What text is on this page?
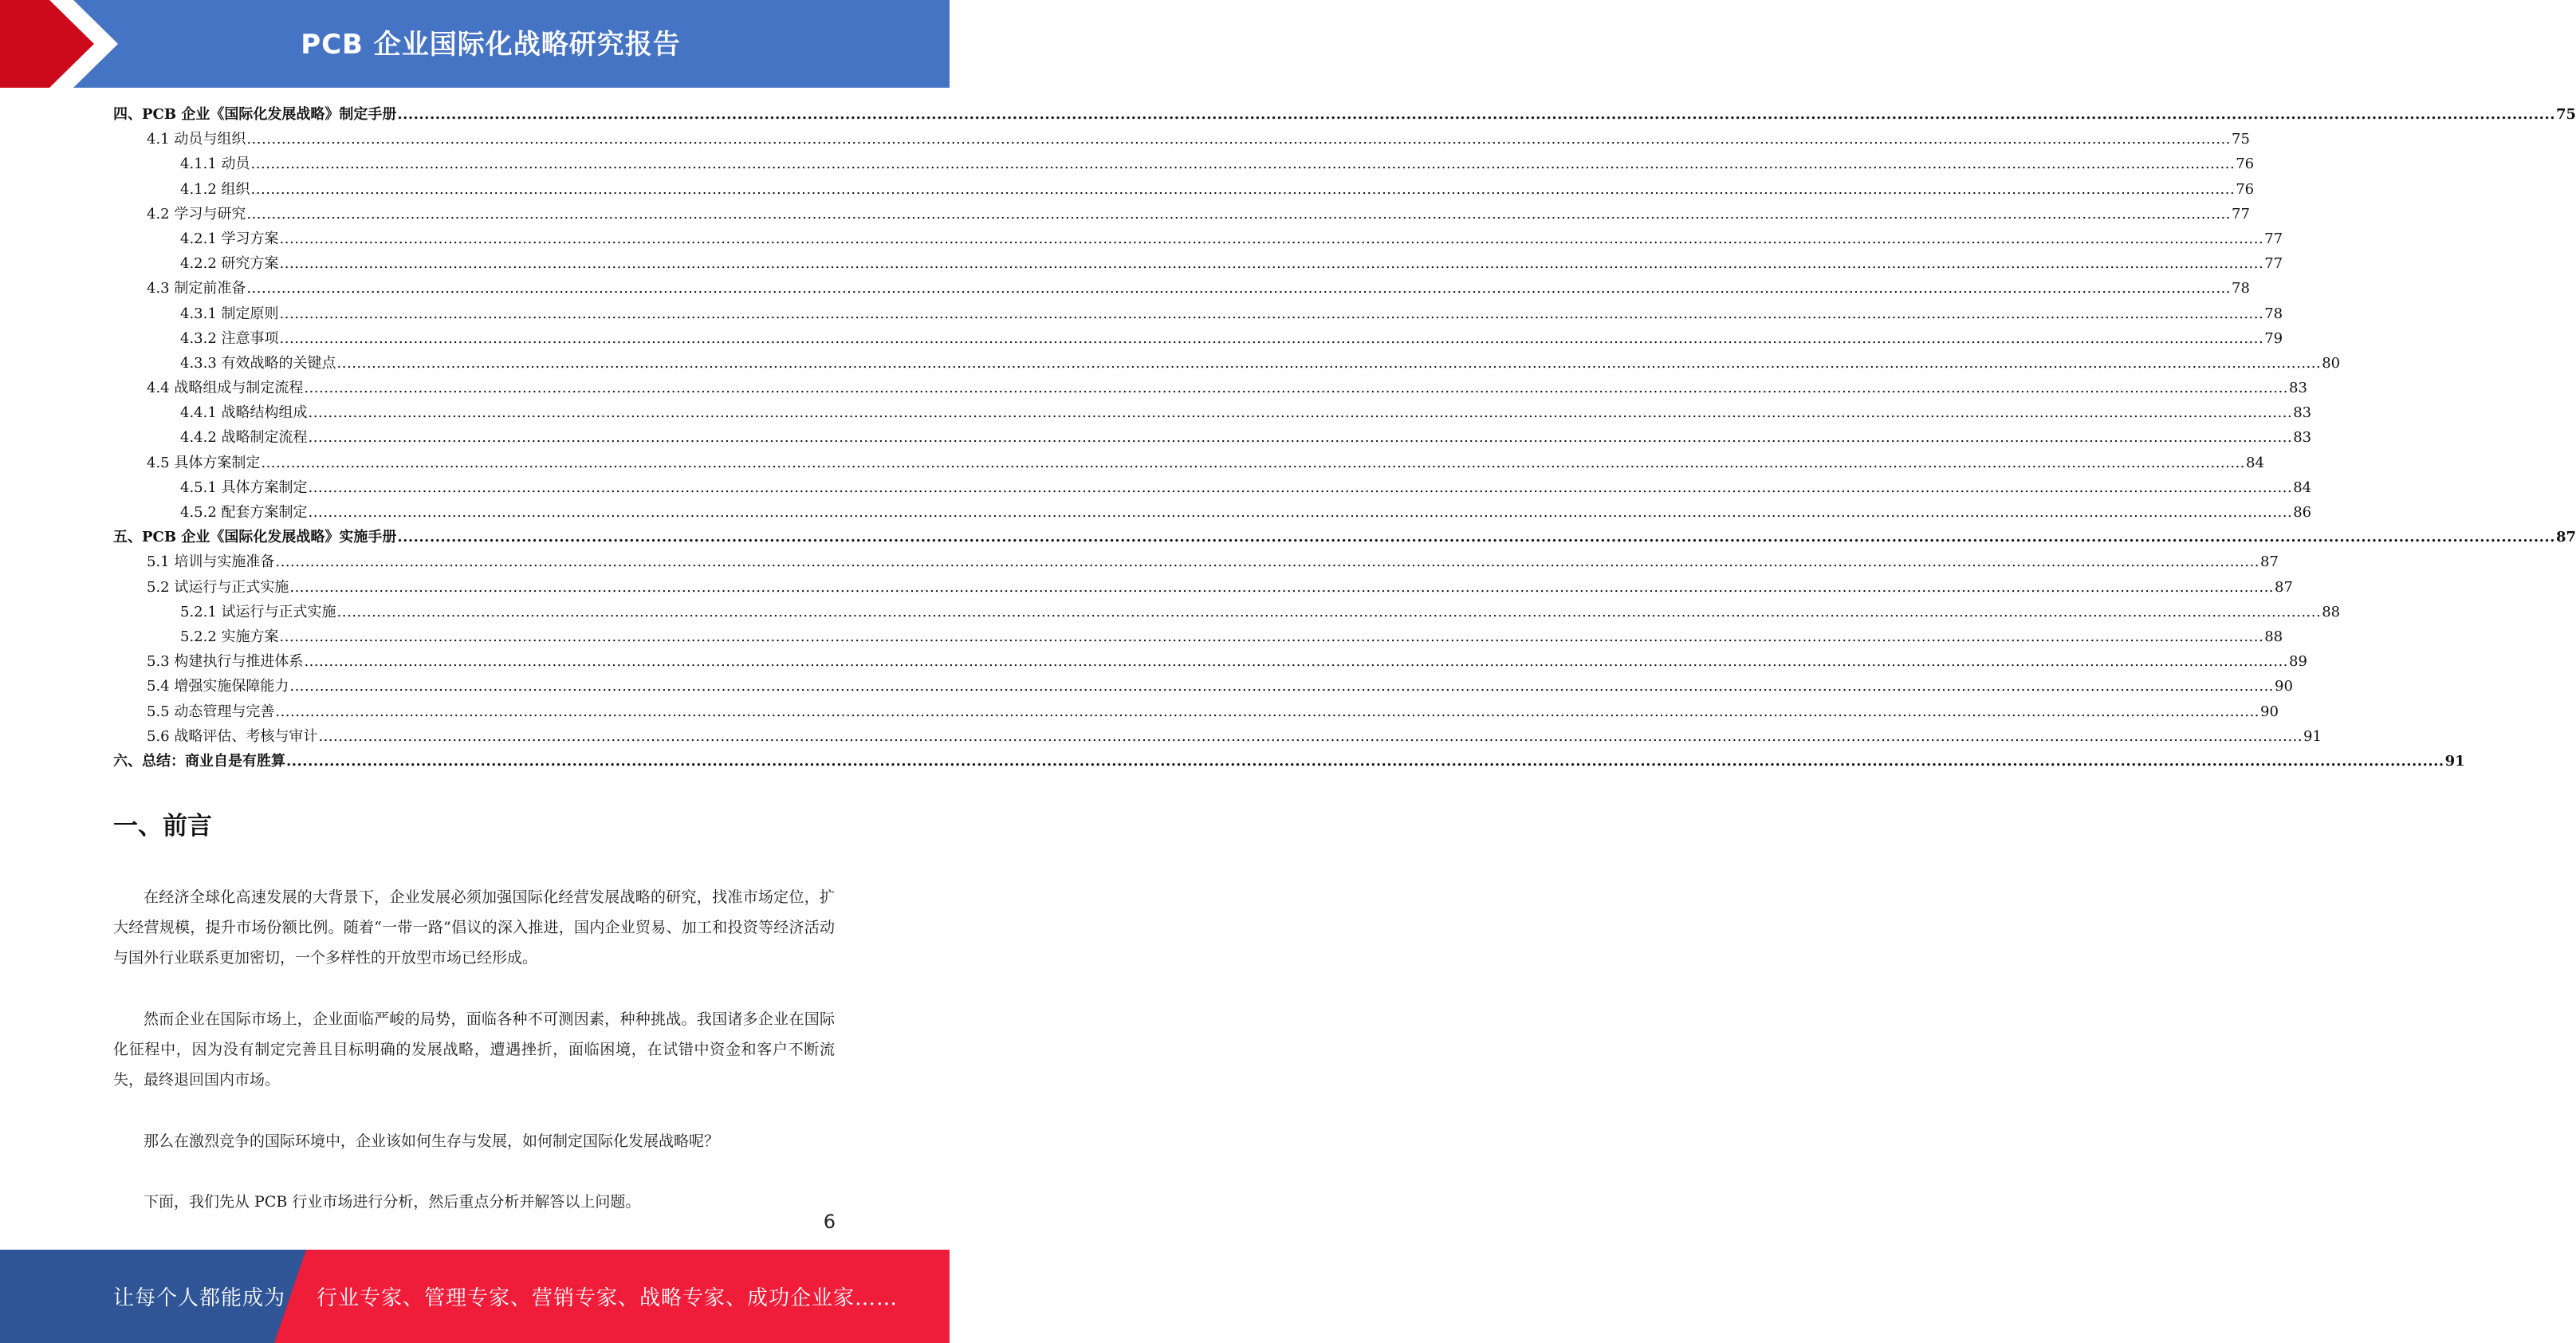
PCB 企业国际化战略研究报告
四、PCB 企业《国际化发展战略》制定手册 ................................................................................................................................................................................................................................................................................................................................................................................................................ 75
4.1 动员与组织 ................................................................................................................................................................................................................................................................................................................................................................................................................ 75
4.1.1 动员 ................................................................................................................................................................................................................................................................................................................................................................................................................ 76
4.1.2 组织 ................................................................................................................................................................................................................................................................................................................................................................................................................ 76
4.2 学习与研究 ................................................................................................................................................................................................................................................................................................................................................................................................................ 77
4.2.1 学习方案 ................................................................................................................................................................................................................................................................................................................................................................................................................ 77
4.2.2 研究方案 ................................................................................................................................................................................................................................................................................................................................................................................................................ 77
4.3 制定前准备 ................................................................................................................................................................................................................................................................................................................................................................................................................ 78
4.3.1 制定原则 ................................................................................................................................................................................................................................................................................................................................................................................................................ 78
4.3.2 注意事项 ................................................................................................................................................................................................................................................................................................................................................................................................................ 79
4.3.3 有效战略的关键点 ................................................................................................................................................................................................................................................................................................................................................................................................................ 80
4.4 战略组成与制定流程 ................................................................................................................................................................................................................................................................................................................................................................................................................ 83
4.4.1 战略结构组成 ................................................................................................................................................................................................................................................................................................................................................................................................................ 83
4.4.2 战略制定流程 ................................................................................................................................................................................................................................................................................................................................................................................................................ 83
4.5 具体方案制定 ................................................................................................................................................................................................................................................................................................................................................................................................................ 84
4.5.1 具体方案制定 ................................................................................................................................................................................................................................................................................................................................................................................................................ 84
4.5.2 配套方案制定 ................................................................................................................................................................................................................................................................................................................................................................................................................ 86
五、PCB 企业《国际化发展战略》实施手册 ................................................................................................................................................................................................................................................................................................................................................................................................................ 87
5.1 培训与实施准备 ................................................................................................................................................................................................................................................................................................................................................................................................................ 87
5.2 试运行与正式实施 ................................................................................................................................................................................................................................................................................................................................................................................................................ 87
5.2.1 试运行与正式实施 ................................................................................................................................................................................................................................................................................................................................................................................................................ 88
5.2.2 实施方案 ................................................................................................................................................................................................................................................................................................................................................................................................................ 88
5.3 构建执行与推进体系 ................................................................................................................................................................................................................................................................................................................................................................................................................ 89
5.4 增强实施保障能力 ................................................................................................................................................................................................................................................................................................................................................................................................................ 90
5.5 动态管理与完善 ................................................................................................................................................................................................................................................................................................................................................................................................................ 90
5.6 战略评估、考核与审计 ................................................................................................................................................................................................................................................................................................................................................................................................................ 91
六、总结：商业自是有胜算 ................................................................................................................................................................................................................................................................................................................................................................................................................ 91
一、前言

在经济全球化高速发展的大背景下，企业发展必须加强国际化经营发展战略的研究，找准市场定位，扩大经营规模，提升市场份额比例。随着“一带一路”倡议的深入推进，国内企业贸易、加工和投资等经济活动与国外行业联系更加密切，一个多样性的开放型市场已经形成。

然而企业在国际市场上，企业面临严峻的局势，面临各种不可测因素，种种挑战。我国诸多企业在国际化征程中，因为没有制定完善且目标明确的发展战略，遭遇挫折，面临困境，在试错中资金和客户不断流失，最终退回国内市场。

那么在激烈竞争的国际环境中，企业该如何生存与发展，如何制定国际化发展战略呢？

下面，我们先从 PCB 行业市场进行分析，然后重点分析并解答以上问题。

6
让每个人都能成为 行业专家、管理专家、营销专家、战略专家、成功企业家……
